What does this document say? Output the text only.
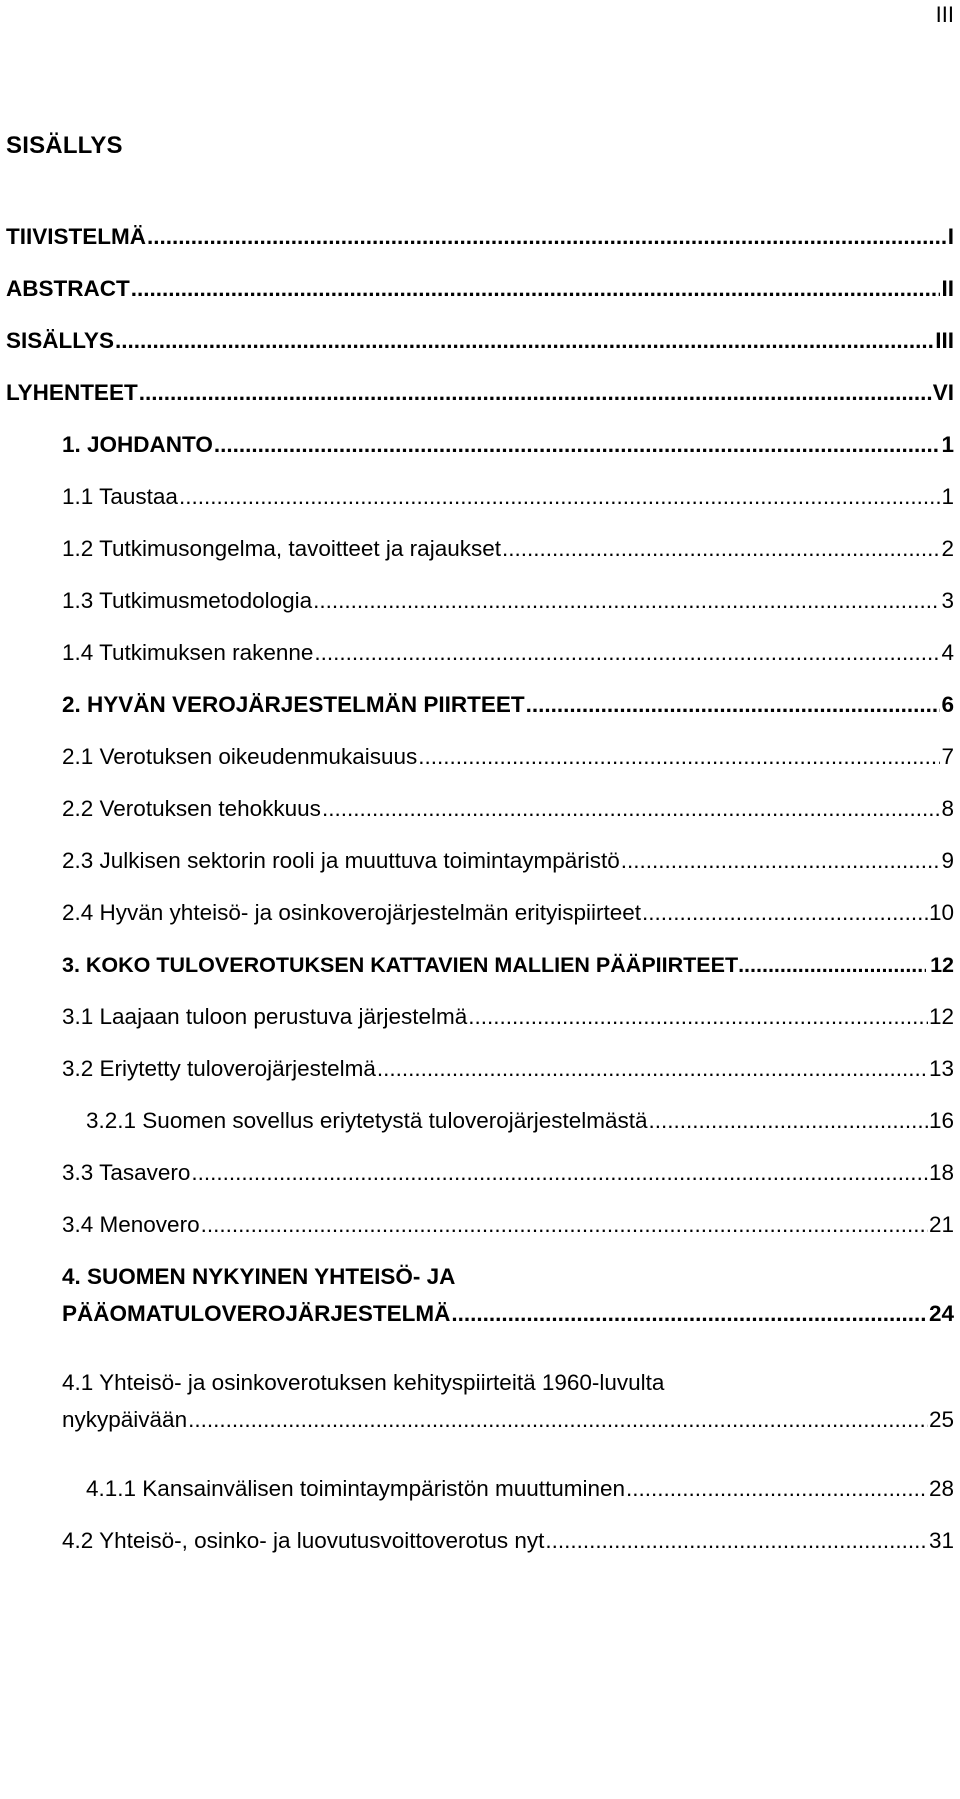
III
SISÄLLYS
TIIVISTELMÄ .....	I
ABSTRACT .....	II
SISÄLLYS .....	III
LYHENTEET .....	VI
1. JOHDANTO .....	1
1.1 Taustaa .....	1
1.2 Tutkimusongelma, tavoitteet ja rajaukset .....	2
1.3 Tutkimusmetodologia .....	3
1.4 Tutkimuksen rakenne .....	4
2. HYVÄN VEROJÄRJESTELMÄN PIIRTEET .....	6
2.1 Verotuksen oikeudenmukaisuus .....	7
2.2 Verotuksen tehokkuus .....	8
2.3 Julkisen sektorin rooli ja muuttuva toimintaympäristö .....	9
2.4 Hyvän yhteisö- ja osinkoverojärjestelmän erityispiirteet .....	10
3. KOKO TULOVEROTUKSEN KATTAVIEN MALLIEN PÄÄPIIRTEET .....	12
3.1 Laajaan tuloon perustuva järjestelmä .....	12
3.2 Eriytetty tuloverojärjestelmä .....	13
3.2.1 Suomen sovellus eriytetystä tuloverojärjestelmästä .....	16
3.3 Tasavero .....	18
3.4 Menovero .....	21
4. SUOMEN NYKYINEN YHTEISÖ- JA
PÄÄOMATULOVEROJÄRJESTELMÄ .....	24
4.1 Yhteisö- ja osinkoverotuksen kehityspiirteitä 1960-luvulta
nykypäivään .....	25
4.1.1 Kansainvälisen toimintaympäristön muuttuminen .....	28
4.2 Yhteisö-, osinko- ja luovutusvoittoverotus nyt .....	31
